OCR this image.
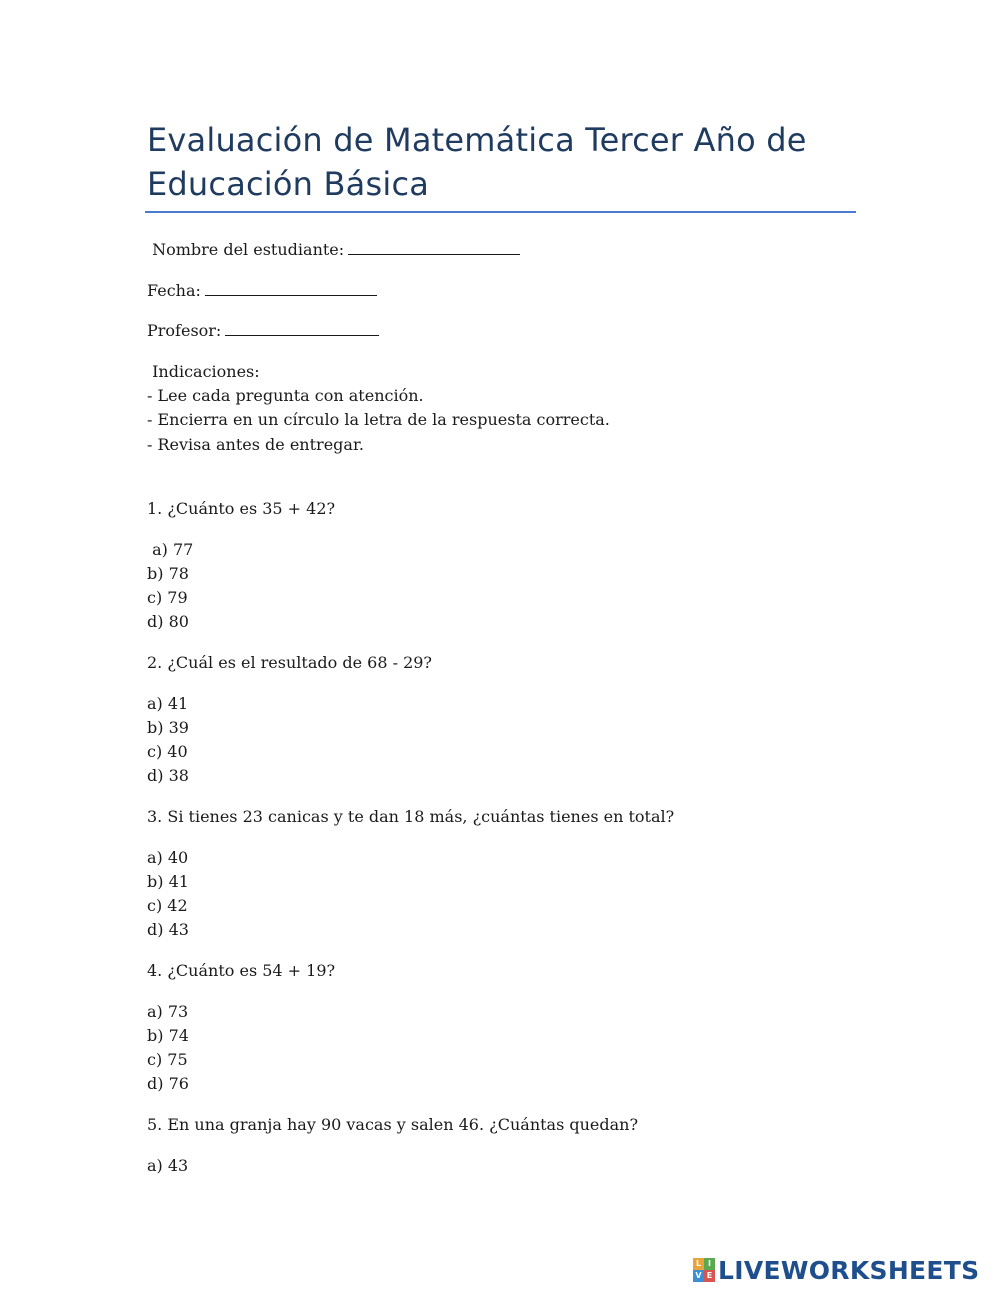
Evaluación de Matemática Tercer Año de Educación Básica
Nombre del estudiante:
Fecha:
Profesor:
Indicaciones:
- Lee cada pregunta con atención.
- Encierra en un círculo la letra de la respuesta correcta.
- Revisa antes de entregar.
1. ¿Cuánto es 35 + 42?
a) 77
b) 78
c) 79
d) 80
2. ¿Cuál es el resultado de 68 - 29?
a) 41
b) 39
c) 40
d) 38
3. Si tienes 23 canicas y te dan 18 más, ¿cuántas tienes en total?
a) 40
b) 41
c) 42
d) 43
4. ¿Cuánto es 54 + 19?
a) 73
b) 74
c) 75
d) 76
5. En una granja hay 90 vacas y salen 46. ¿Cuántas quedan?
a) 43
L I
V E LIVEWORKSHEETS
